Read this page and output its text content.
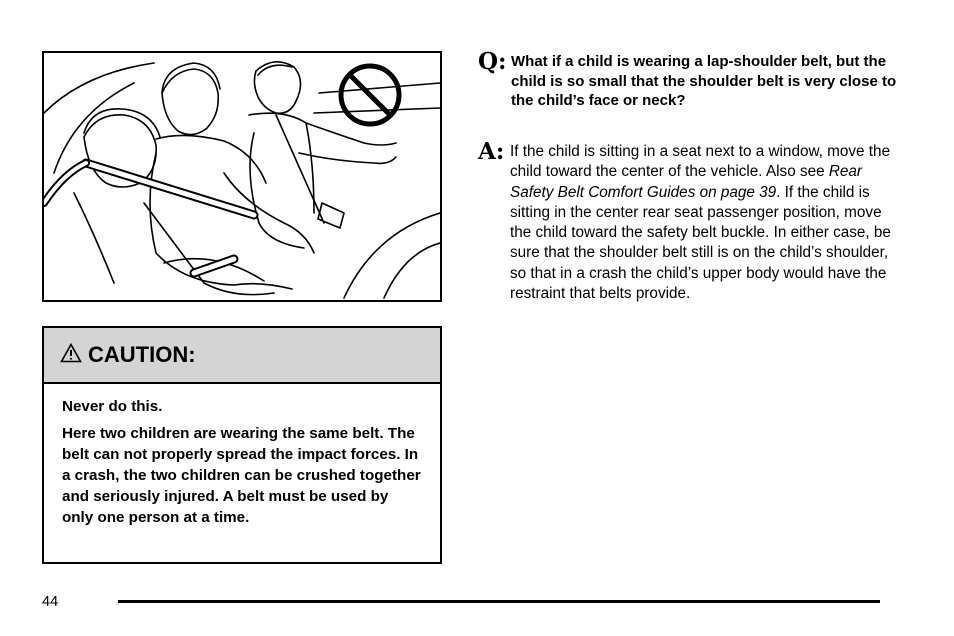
CAUTION:

Never do this.

Here two children are wearing the same belt. The belt can not properly spread the impact forces. In a crash, the two children can be crushed together and seriously injured. A belt must be used by only one person at a time.

Q: What if a child is wearing a lap-shoulder belt, but the child is so small that the shoulder belt is very close to the child’s face or neck?
A: If the child is sitting in a seat next to a window, move the child toward the center of the vehicle. Also see Rear Safety Belt Comfort Guides on page 39. If the child is sitting in the center rear seat passenger position, move the child toward the safety belt buckle. In either case, be sure that the shoulder belt still is on the child’s shoulder, so that in a crash the child’s upper body would have the restraint that belts provide.
44
